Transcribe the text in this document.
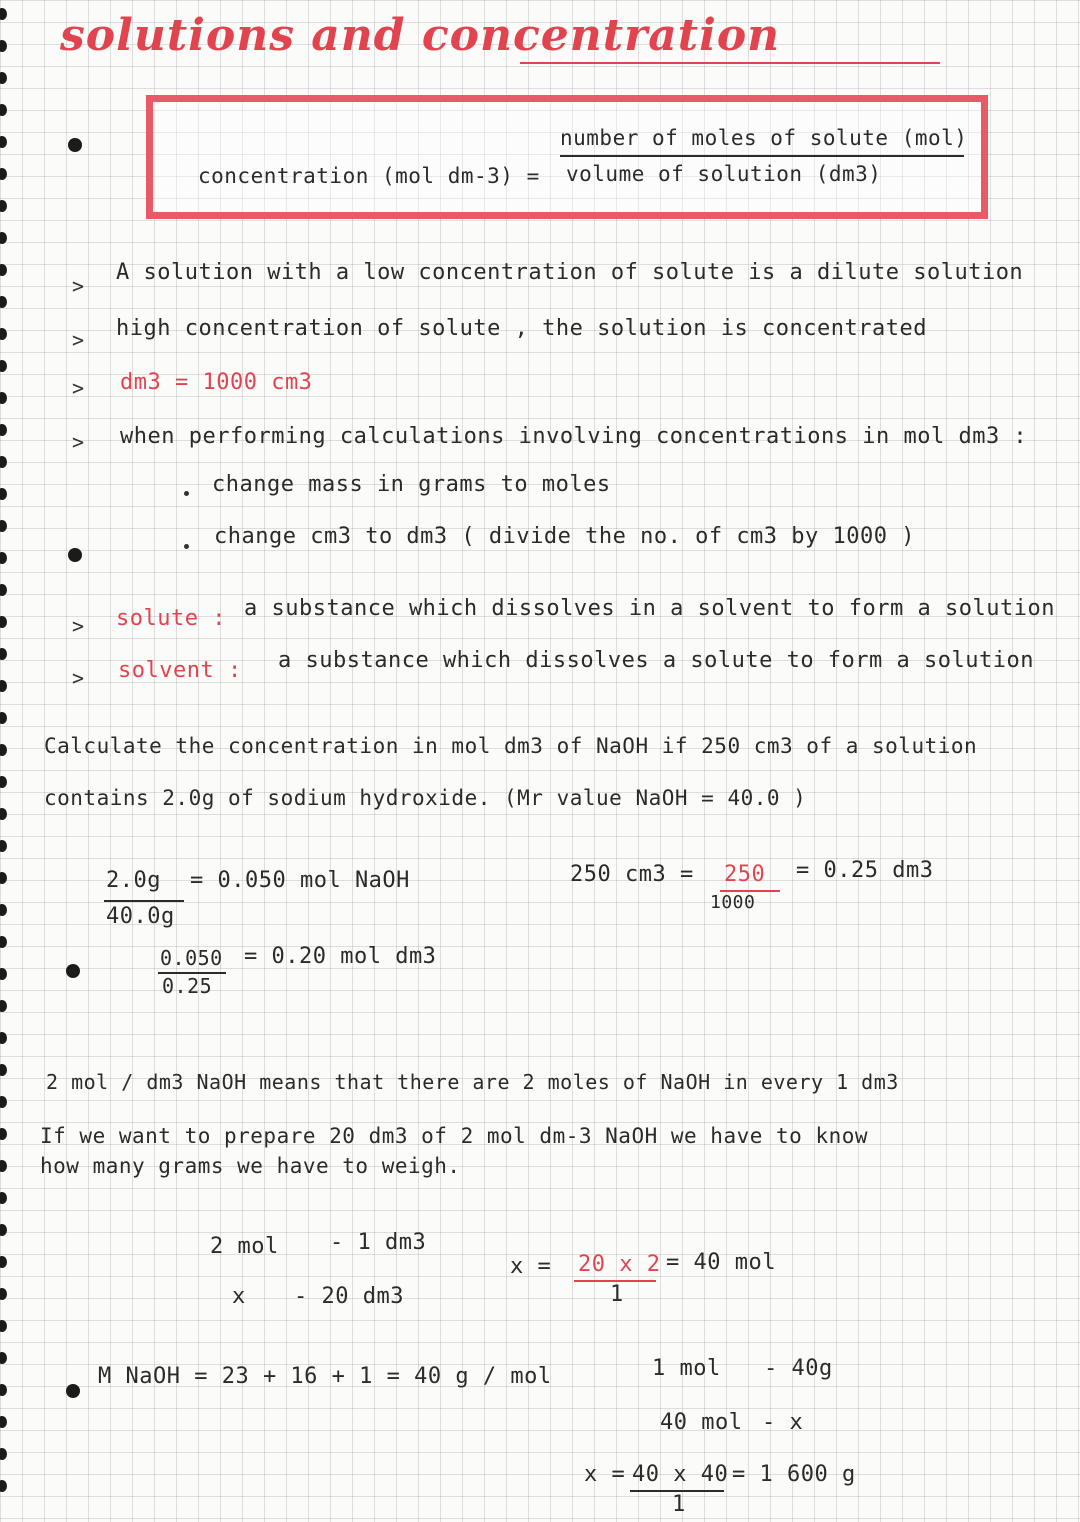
solutions and concentration
concentration (mol dm-3) =
number of moles of solute (mol)
volume of solution (dm3)
>
A solution with a low concentration of solute is a dilute solution
> high concentration of solute , the solution is concentrated
> dm3 = 1000 cm3
> when performing calculations involving concentrations in mol dm3 :
change mass in grams to moles
change cm3 to dm3 ( divide the no. of cm3 by 1000 )
> solute : a substance which dissolves in a solvent to form a solution
> solvent : a substance which dissolves a solute to form a solution
Calculate the concentration in mol dm3 of NaOH if 250 cm3 of a solution
contains 2.0g of sodium hydroxide. (Mr value NaOH = 40.0 )
2.0g = 0.050 mol NaOH
40.0g
250 cm3 = 250
1000
= 0.25 dm3
0.050
0.25
= 0.20 mol dm3
2 mol / dm3 NaOH means that there are 2 moles of NaOH in every 1 dm3
If we want to prepare 20 dm3 of 2 mol dm-3 NaOH we have to know
how many grams we have to weigh.
2 mol - 1 dm3
x - 20 dm3
x = 20 x 2
1
= 40 mol
M NaOH = 23 + 16 + 1 = 40 g / mol	1 mol - 40g
40 mol - x
x = 40 x 40
1
= 1 600 g
